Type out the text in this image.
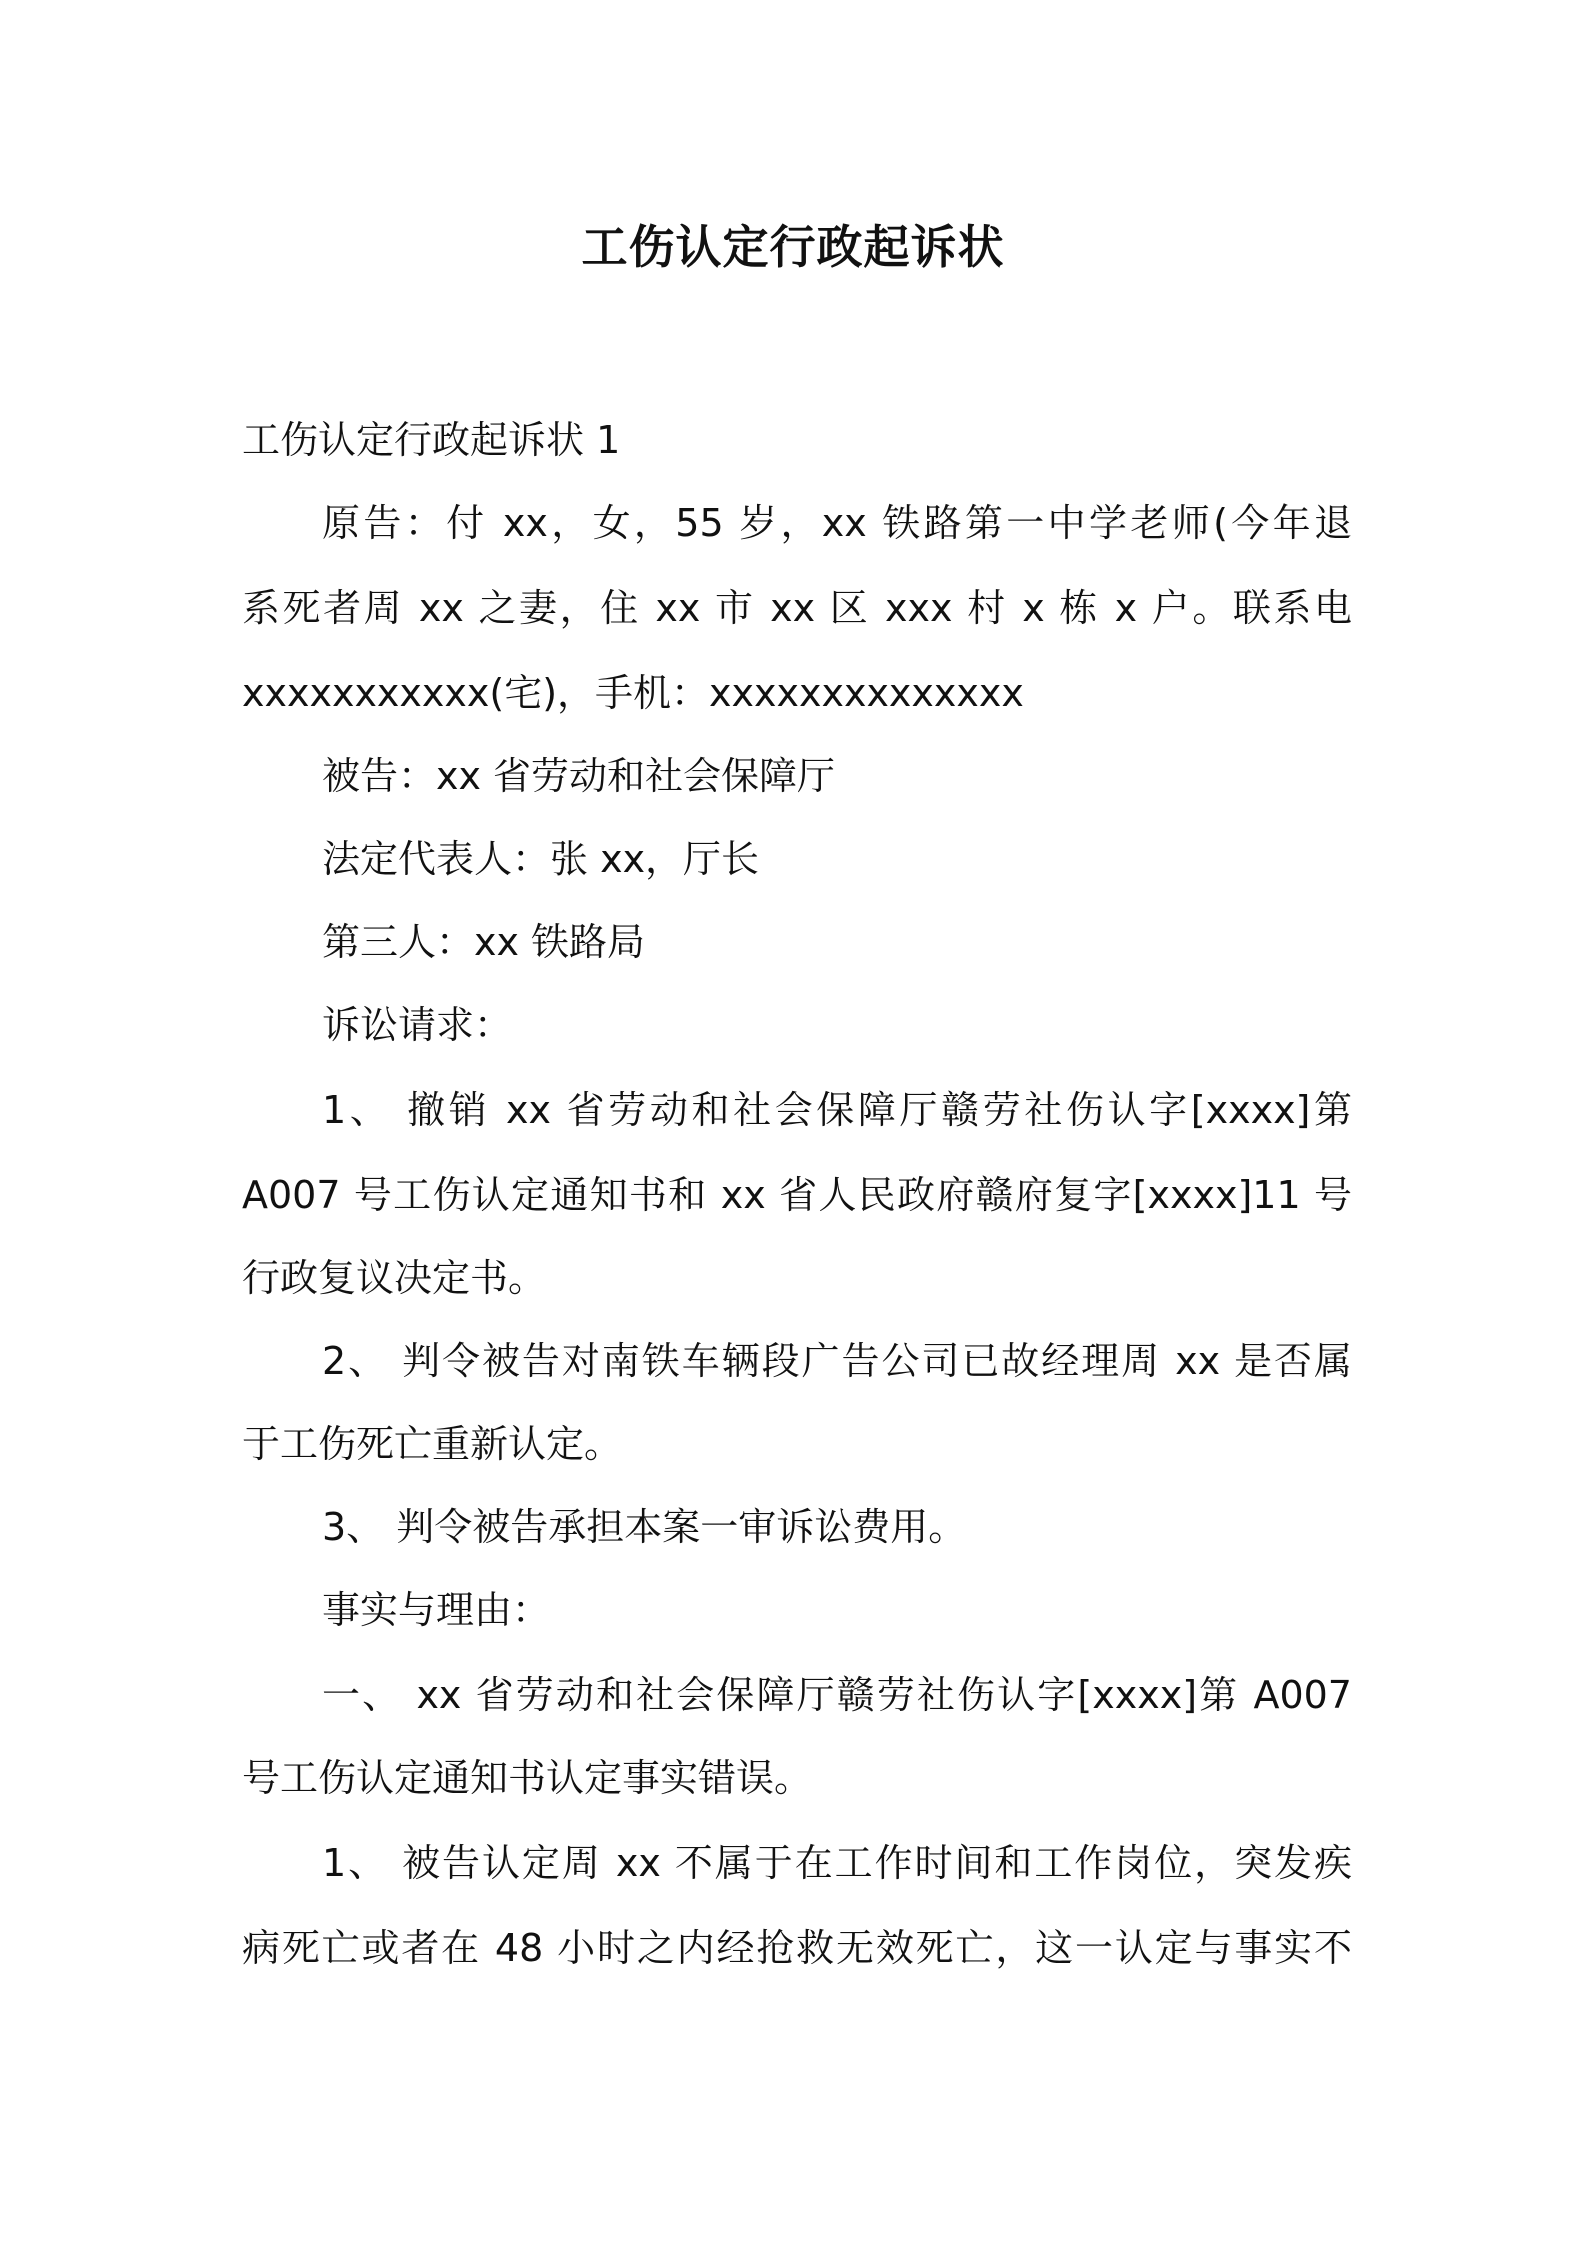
工伤认定行政起诉状

工伤认定行政起诉状 1

原告：付 xx，女，55 岁，xx 铁路第一中学老师(今年退

系死者周 xx 之妻，住 xx 市 xx 区 xxx 村 x 栋 x 户。联系电

xxxxxxxxxxx(宅)，手机：xxxxxxxxxxxxxx

被告：xx 省劳动和社会保障厅

法定代表人：张 xx，厅长

第三人：xx 铁路局

诉讼请求：

1、 撤销 xx 省劳动和社会保障厅赣劳社伤认字[xxxx]第

A007 号工伤认定通知书和 xx 省人民政府赣府复字[xxxx]11 号

行政复议决定书。

2、 判令被告对南铁车辆段广告公司已故经理周 xx 是否属

于工伤死亡重新认定。

3、 判令被告承担本案一审诉讼费用。

事实与理由：

一、 xx 省劳动和社会保障厅赣劳社伤认字[xxxx]第 A007

号工伤认定通知书认定事实错误。

1、 被告认定周 xx 不属于在工作时间和工作岗位，突发疾

病死亡或者在 48 小时之内经抢救无效死亡，这一认定与事实不
